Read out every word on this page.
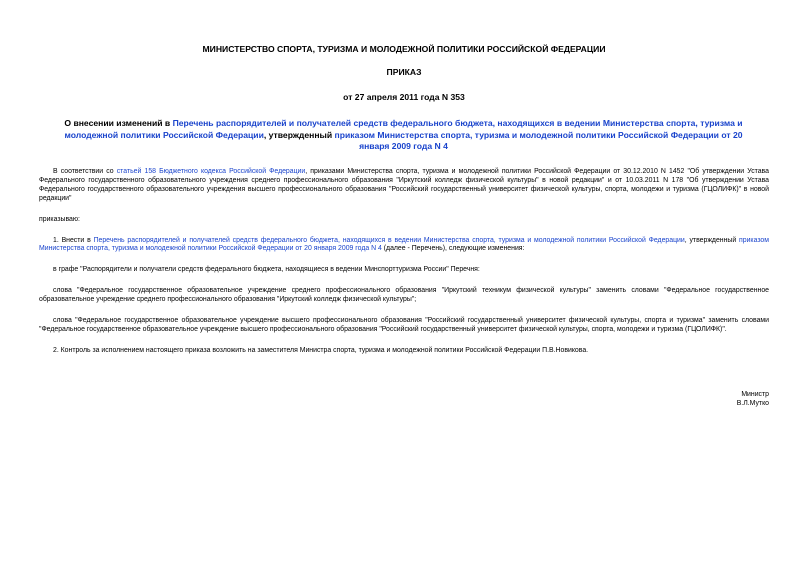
МИНИСТЕРСТВО СПОРТА, ТУРИЗМА И МОЛОДЕЖНОЙ ПОЛИТИКИ РОССИЙСКОЙ ФЕДЕРАЦИИ
ПРИКАЗ
от 27 апреля 2011 года N 353
О внесении изменений в Перечень распорядителей и получателей средств федерального бюджета, находящихся в ведении Министерства спорта, туризма и молодежной политики Российской Федерации, утвержденный приказом Министерства спорта, туризма и молодежной политики Российской Федерации от 20 января 2009 года N 4

В соответствии со статьей 158 Бюджетного кодекса Российской Федерации, приказами Министерства спорта, туризма и молодежной политики Российской Федерации от 30.12.2010 N 1452 "Об утверждении Устава Федерального государственного образовательного учреждения среднего профессионального образования "Иркутский колледж физической культуры" в новой редакции" и от 10.03.2011 N 178 "Об утверждении Устава Федерального государственного образовательного учреждения высшего профессионального образования "Российский государственный университет физической культуры, спорта, молодежи и туризма (ГЦОЛИФК)" в новой редакции"

приказываю:

1. Внести в Перечень распорядителей и получателей средств федерального бюджета, находящихся в ведении Министерства спорта, туризма и молодежной политики Российской Федерации, утвержденный приказом Министерства спорта, туризма и молодежной политики Российской Федерации от 20 января 2009 года N 4 (далее - Перечень), следующие изменения:

в графе "Распорядители и получатели средств федерального бюджета, находящиеся в ведении Минспорттуризма России" Перечня:

слова "Федеральное государственное образовательное учреждение среднего профессионального образования "Иркутский техникум физической культуры" заменить словами "Федеральное государственное образовательное учреждение среднего профессионального образования "Иркутский колледж физической культуры";

слова "Федеральное государственное образовательное учреждение высшего профессионального образования "Российский государственный университет физической культуры, спорта и туризма" заменить словами "Федеральное государственное образовательное учреждение высшего профессионального образования "Российский государственный университет физической культуры, спорта, молодежи и туризма (ГЦОЛИФК)".

2. Контроль за исполнением настоящего приказа возложить на заместителя Министра спорта, туризма и молодежной политики Российской Федерации П.В.Новикова.

Министр
В.Л.Мутко
